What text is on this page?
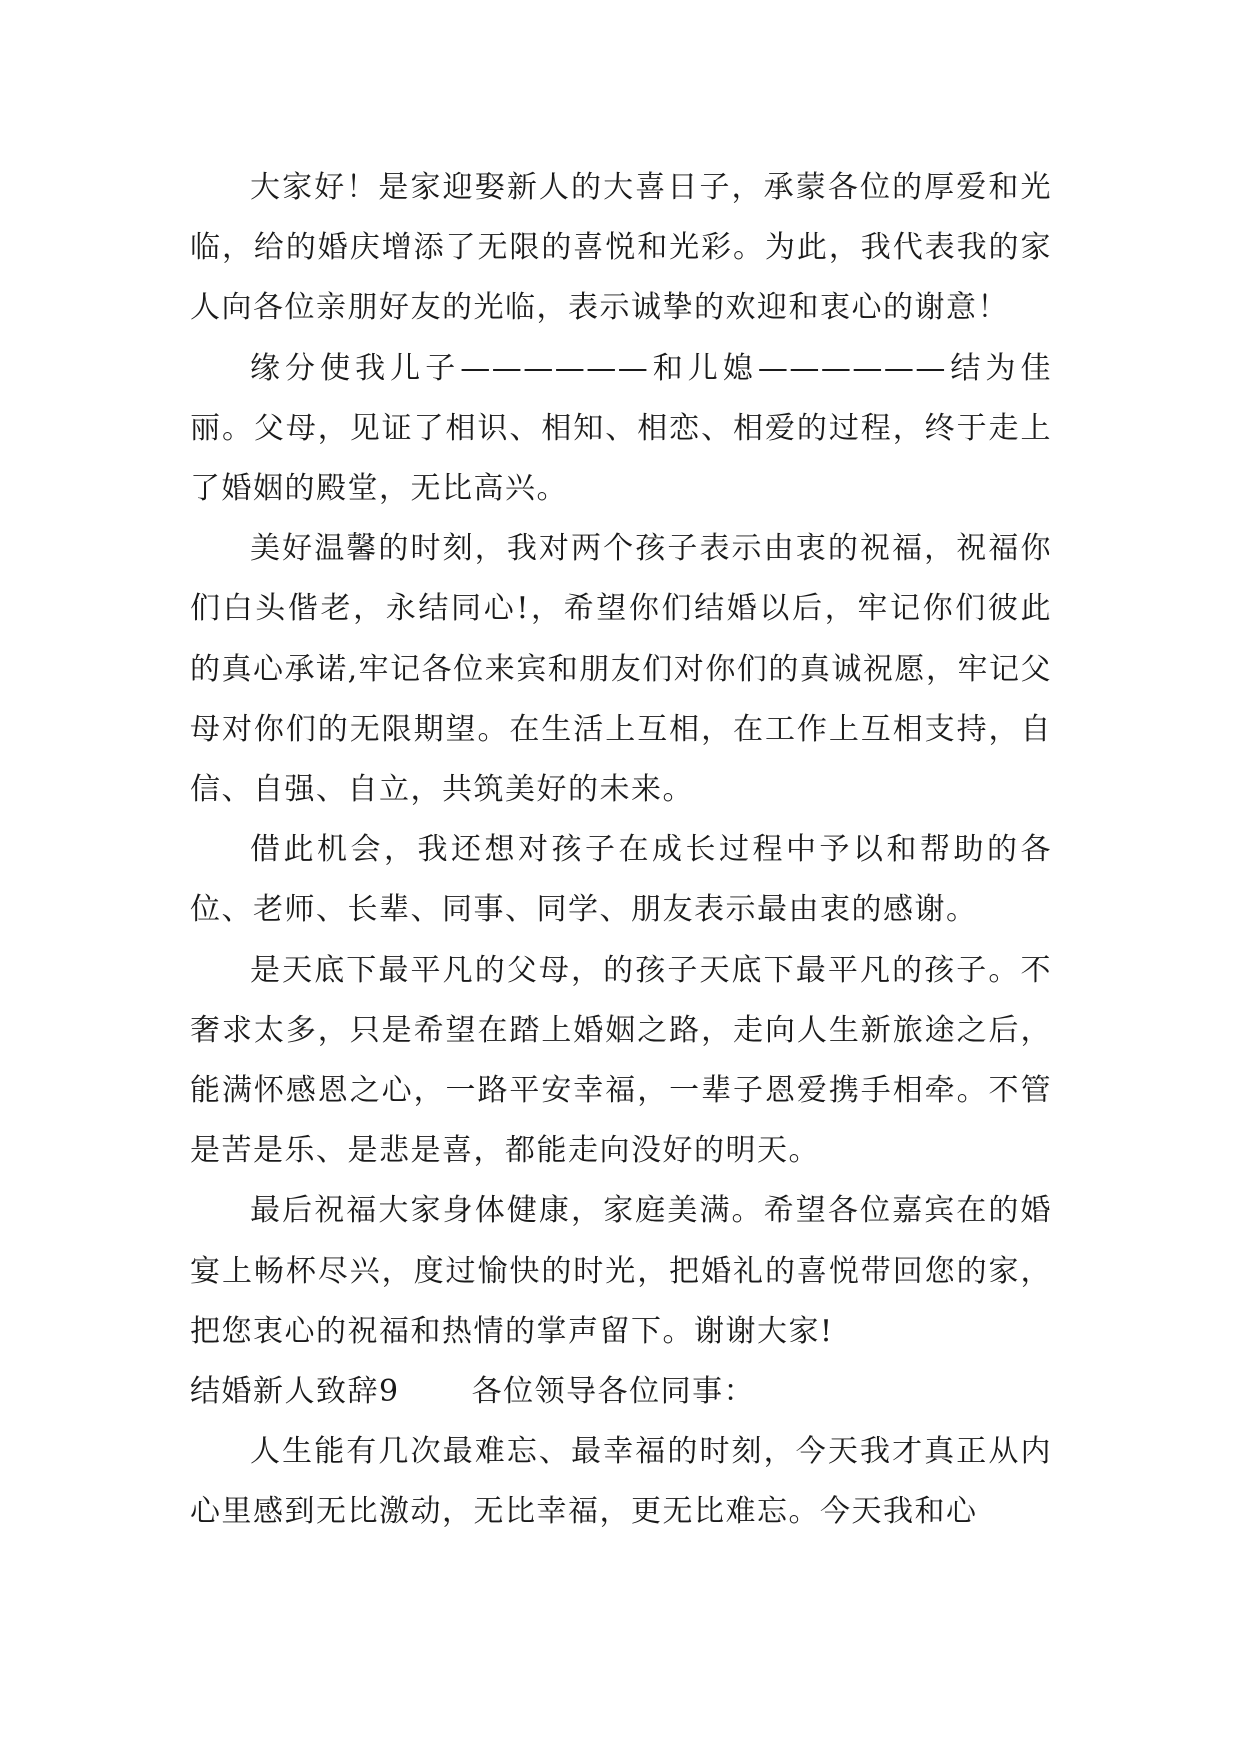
大家好！是家迎娶新人的大喜日子，承蒙各位的厚爱和光临，给的婚庆增添了无限的喜悦和光彩。为此，我代表我的家人向各位亲朋好友的光临，表示诚挚的欢迎和衷心的谢意！

缘分使我儿子——————和儿媳——————结为佳丽。父母，见证了相识、相知、相恋、相爱的过程，终于走上了婚姻的殿堂，无比高兴。

美好温馨的时刻，我对两个孩子表示由衷的祝福，祝福你们白头偕老，永结同心!，希望你们结婚以后，牢记你们彼此的真心承诺,牢记各位来宾和朋友们对你们的真诚祝愿，牢记父母对你们的无限期望。在生活上互相，在工作上互相支持，自信、自强、自立，共筑美好的未来。

借此机会，我还想对孩子在成长过程中予以和帮助的各位、老师、长辈、同事、同学、朋友表示最由衷的感谢。

是天底下最平凡的父母，的孩子天底下最平凡的孩子。不奢求太多，只是希望在踏上婚姻之路，走向人生新旅途之后，能满怀感恩之心，一路平安幸福，一辈子恩爱携手相牵。不管是苦是乐、是悲是喜，都能走向没好的明天。

最后祝福大家身体健康，家庭美满。希望各位嘉宾在的婚宴上畅杯尽兴，度过愉快的时光，把婚礼的喜悦带回您的家，把您衷心的祝福和热情的掌声留下。谢谢大家!

结婚新人致辞9 各位领导各位同事：

人生能有几次最难忘、最幸福的时刻，今天我才真正从内心里感到无比激动，无比幸福，更无比难忘。今天我和心
